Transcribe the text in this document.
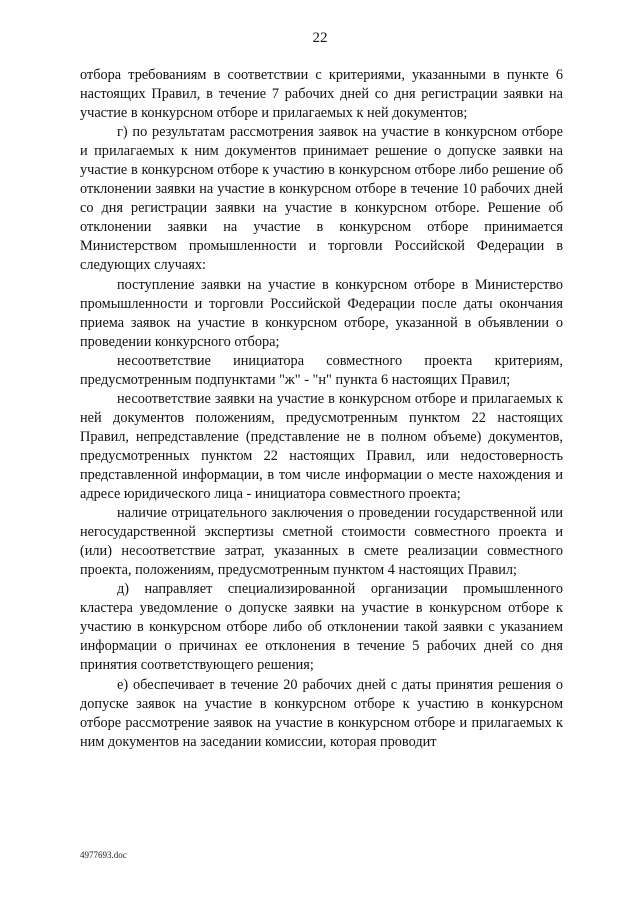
22

отбора требованиям в соответствии с критериями, указанными в пункте 6 настоящих Правил, в течение 7 рабочих дней со дня регистрации заявки на участие в конкурсном отборе и прилагаемых к ней документов;

г) по результатам рассмотрения заявок на участие в конкурсном отборе и прилагаемых к ним документов принимает решение о допуске заявки на участие в конкурсном отборе к участию в конкурсном отборе либо решение об отклонении заявки на участие в конкурсном отборе в течение 10 рабочих дней со дня регистрации заявки на участие в конкурсном отборе. Решение об отклонении заявки на участие в конкурсном отборе принимается Министерством промышленности и торговли Российской Федерации в следующих случаях:

поступление заявки на участие в конкурсном отборе в Министерство промышленности и торговли Российской Федерации после даты окончания приема заявок на участие в конкурсном отборе, указанной в объявлении о проведении конкурсного отбора;

несоответствие инициатора совместного проекта критериям, предусмотренным подпунктами "ж" - "н" пункта 6 настоящих Правил;

несоответствие заявки на участие в конкурсном отборе и прилагаемых к ней документов положениям, предусмотренным пунктом 22 настоящих Правил, непредставление (представление не в полном объеме) документов, предусмотренных пунктом 22 настоящих Правил, или недостоверность представленной информации, в том числе информации о месте нахождения и адресе юридического лица - инициатора совместного проекта;

наличие отрицательного заключения о проведении государственной или негосударственной экспертизы сметной стоимости совместного проекта и (или) несоответствие затрат, указанных в смете реализации совместного проекта, положениям, предусмотренным пунктом 4 настоящих Правил;

д) направляет специализированной организации промышленного кластера уведомление о допуске заявки на участие в конкурсном отборе к участию в конкурсном отборе либо об отклонении такой заявки с указанием информации о причинах ее отклонения в течение 5 рабочих дней со дня принятия соответствующего решения;

е) обеспечивает в течение 20 рабочих дней с даты принятия решения о допуске заявок на участие в конкурсном отборе к участию в конкурсном отборе рассмотрение заявок на участие в конкурсном отборе и прилагаемых к ним документов на заседании комиссии, которая проводит

4977693.doc
